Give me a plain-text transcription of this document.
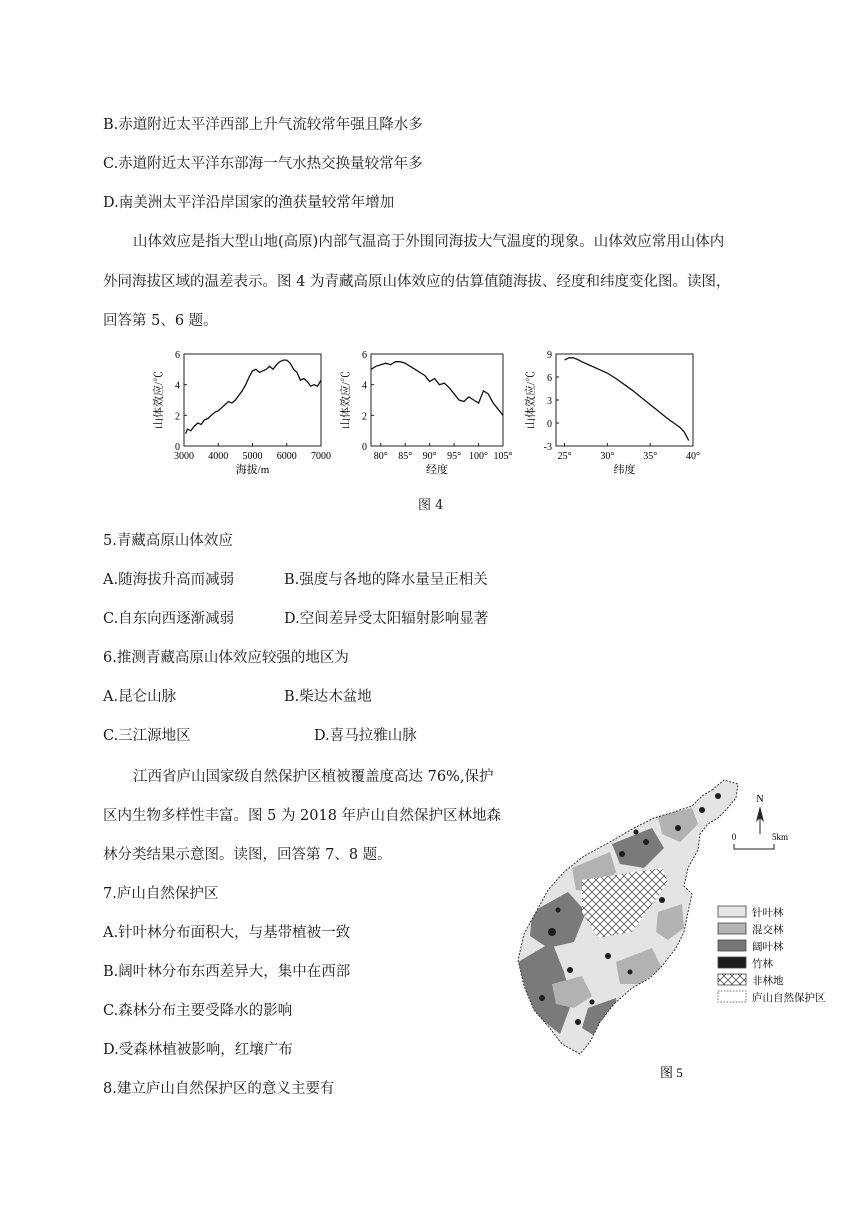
B.赤道附近太平洋西部上升气流较常年强且降水多
C.赤道附近太平洋东部海一气水热交换量较常年多
D.南美洲太平洋沿岸国家的渔获量较常年增加
山体效应是指大型山地(高原)内部气温高于外围同海拔大气温度的现象。山体效应常用山体内
外同海拔区域的温差表示。图 4 为青藏高原山体效应的估算值随海拔、经度和纬度变化图。读图，
回答第 5、6 题。
0
2
4
6
3000 4000 5000 6000 7000
海拔/m
山体效应/℃
0
2
4
6
80° 85° 90° 95° 100° 105°
经度
山体效应/℃
-3
0
3
6
9
25°	30°	35°	40°
纬度
山体效应/℃
图 4
5.青藏高原山体效应
A.随海拔升高而减弱	B.强度与各地的降水量呈正相关
C.自东向西逐渐减弱	D.空间差异受太阳辐射影响显著
6.推测青藏高原山体效应较强的地区为
A.昆仑山脉	B.柴达木盆地
C.三江源地区	D.喜马拉雅山脉
江西省庐山国家级自然保护区植被覆盖度高达 76%,保护
区内生物多样性丰富。图 5 为 2018 年庐山自然保护区林地森
林分类结果示意图。读图，回答第 7、8 题。
7.庐山自然保护区
A.针叶林分布面积大，与基带植被一致
B.阔叶林分布东西差异大，集中在西部
C.森林分布主要受降水的影响
D.受森林植被影响，红壤广布
8.建立庐山自然保护区的意义主要有
N
0	5km
针叶林
混交林
阔叶林
竹林
非林地
庐山自然保护区
图 5
